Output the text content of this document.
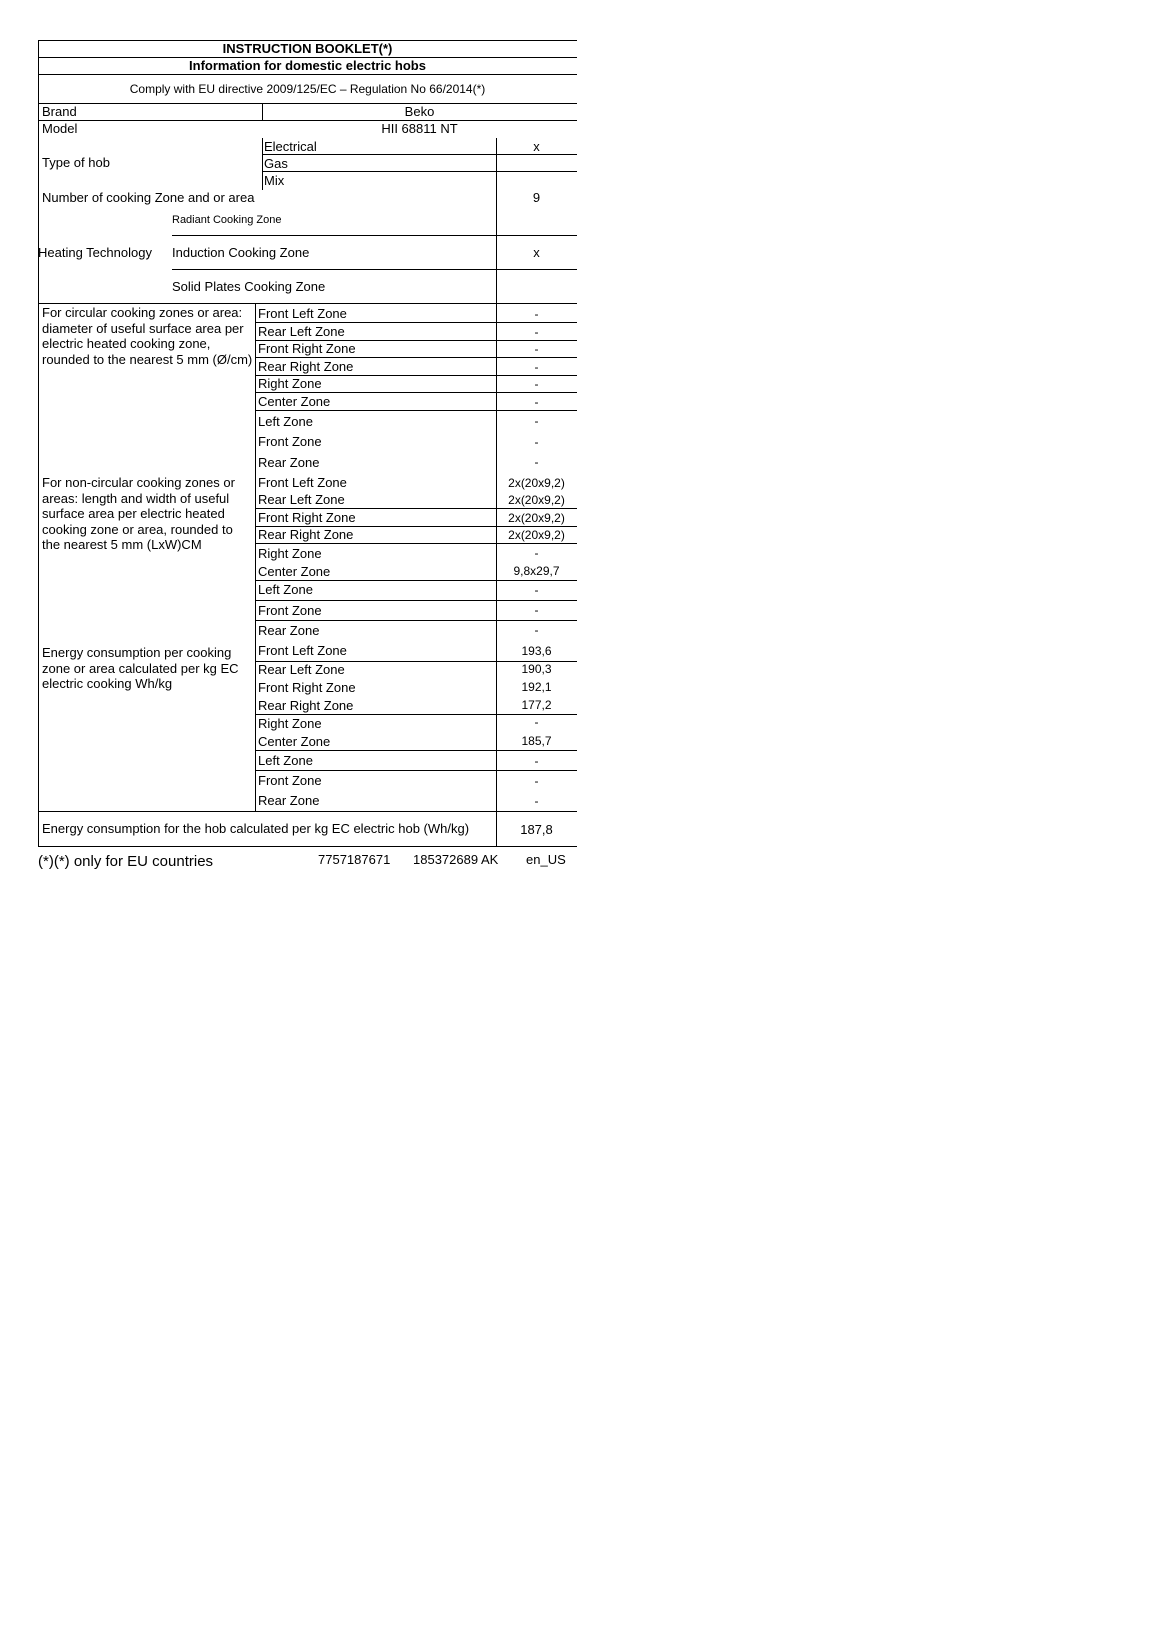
INSTRUCTION BOOKLET(*)
Information for domestic electric hobs
Comply with EU directive 2009/125/EC – Regulation No 66/2014(*)
Brand	Beko
Model	HII 68811 NT
Type of hob
Electrical	x
Gas
Mix
Number of cooking Zone and or area	9
Heating Technology
Radiant Cooking Zone
Induction Cooking Zone	x
Solid Plates Cooking Zone
For circular cooking zones or area: diameter of useful surface area per electric heated cooking zone, rounded to the nearest 5 mm (Ø/cm)
Front Left Zone	-
Rear Left Zone	-
Front Right Zone	-
Rear Right Zone	-
Right Zone	-
Center Zone	-
Left Zone	-
Front Zone	-
Rear Zone	-
For non-circular cooking zones or areas: length and width of useful surface area per electric heated cooking zone or area, rounded to the nearest 5 mm (LxW)CM
Front Left Zone	2x(20x9,2)
Rear Left Zone	2x(20x9,2)
Front Right Zone	2x(20x9,2)
Rear Right Zone	2x(20x9,2)
Right Zone	-
Center Zone	9,8x29,7
Left Zone	-
Front Zone	-
Rear Zone	-
Energy consumption per cooking zone or area calculated per kg EC electric cooking Wh/kg
Front Left Zone	193,6
Rear Left Zone	190,3
Front Right Zone	192,1
Rear Right Zone	177,2
Right Zone	-
Center Zone	185,7
Left Zone	-
Front Zone	-
Rear Zone	-
Energy consumption for the hob calculated per kg EC electric hob (Wh/kg)	187,8
(*)(*) only for EU countries	7757187671 185372689 AK en_US
